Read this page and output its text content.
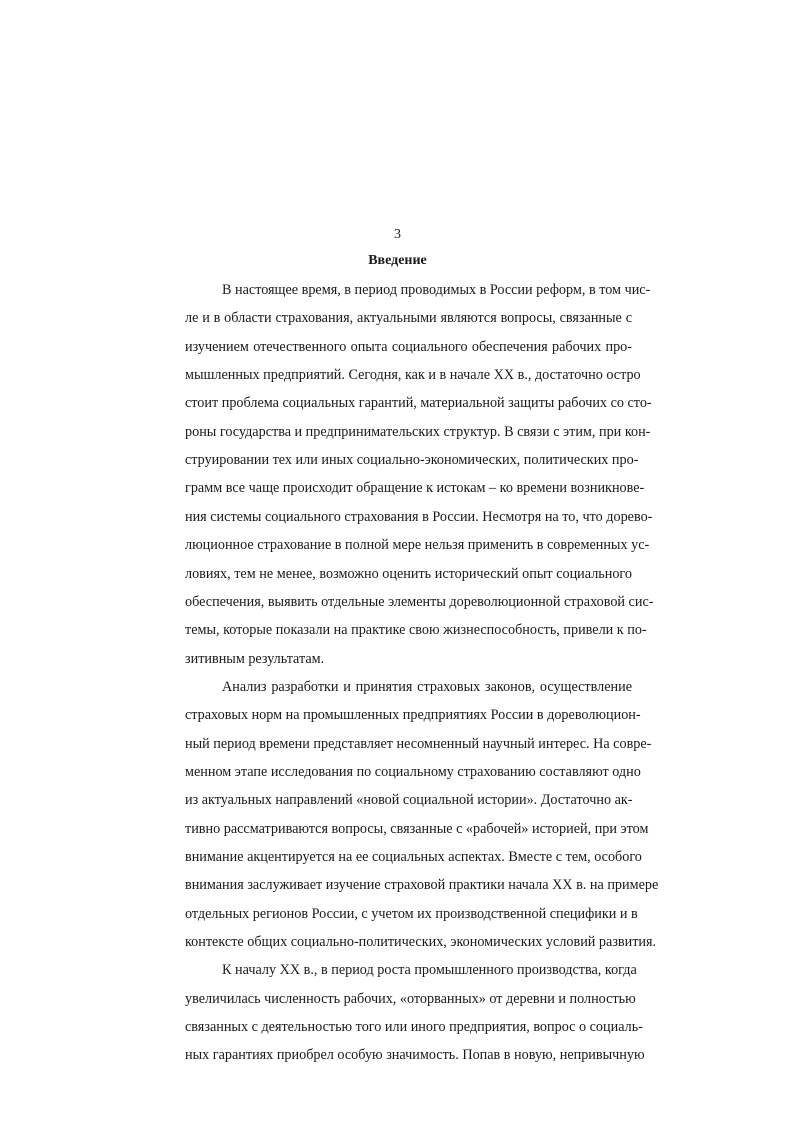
3
Введение
В настоящее время, в период проводимых в России реформ, в том чис-
ле и в области страхования, актуальными являются вопросы, связанные с
изучением отечественного опыта социального обеспечения рабочих про-
мышленных предприятий. Сегодня, как и в начале XX в., достаточно остро
стоит проблема социальных гарантий, материальной защиты рабочих со сто-
роны государства и предпринимательских структур. В связи с этим, при кон-
струировании тех или иных социально-экономических, политических про-
грамм все чаще происходит обращение к истокам – ко времени возникнове-
ния системы социального страхования в России. Несмотря на то, что дорево-
люционное страхование в полной мере нельзя применить в современных ус-
ловиях, тем не менее, возможно оценить исторический опыт социального
обеспечения, выявить отдельные элементы дореволюционной страховой сис-
темы, которые показали на практике свою жизнеспособность, привели к по-
зитивным результатам.
Анализ разработки и принятия страховых законов, осуществление
страховых норм на промышленных предприятиях России в дореволюцион-
ный период времени представляет несомненный научный интерес. На совре-
менном этапе исследования по социальному страхованию составляют одно
из актуальных направлений «новой социальной истории». Достаточно ак-
тивно рассматриваются вопросы, связанные с «рабочей» историей, при этом
внимание акцентируется на ее социальных аспектах. Вместе с тем, особого
внимания заслуживает изучение страховой практики начала XX в. на примере
отдельных регионов России, с учетом их производственной специфики и в
контексте общих социально-политических, экономических условий развития.
К началу XX в., в период роста промышленного производства, когда
увеличилась численность рабочих, «оторванных» от деревни и полностью
связанных с деятельностью того или иного предприятия, вопрос о социаль-
ных гарантиях приобрел особую значимость. Попав в новую, непривычную
